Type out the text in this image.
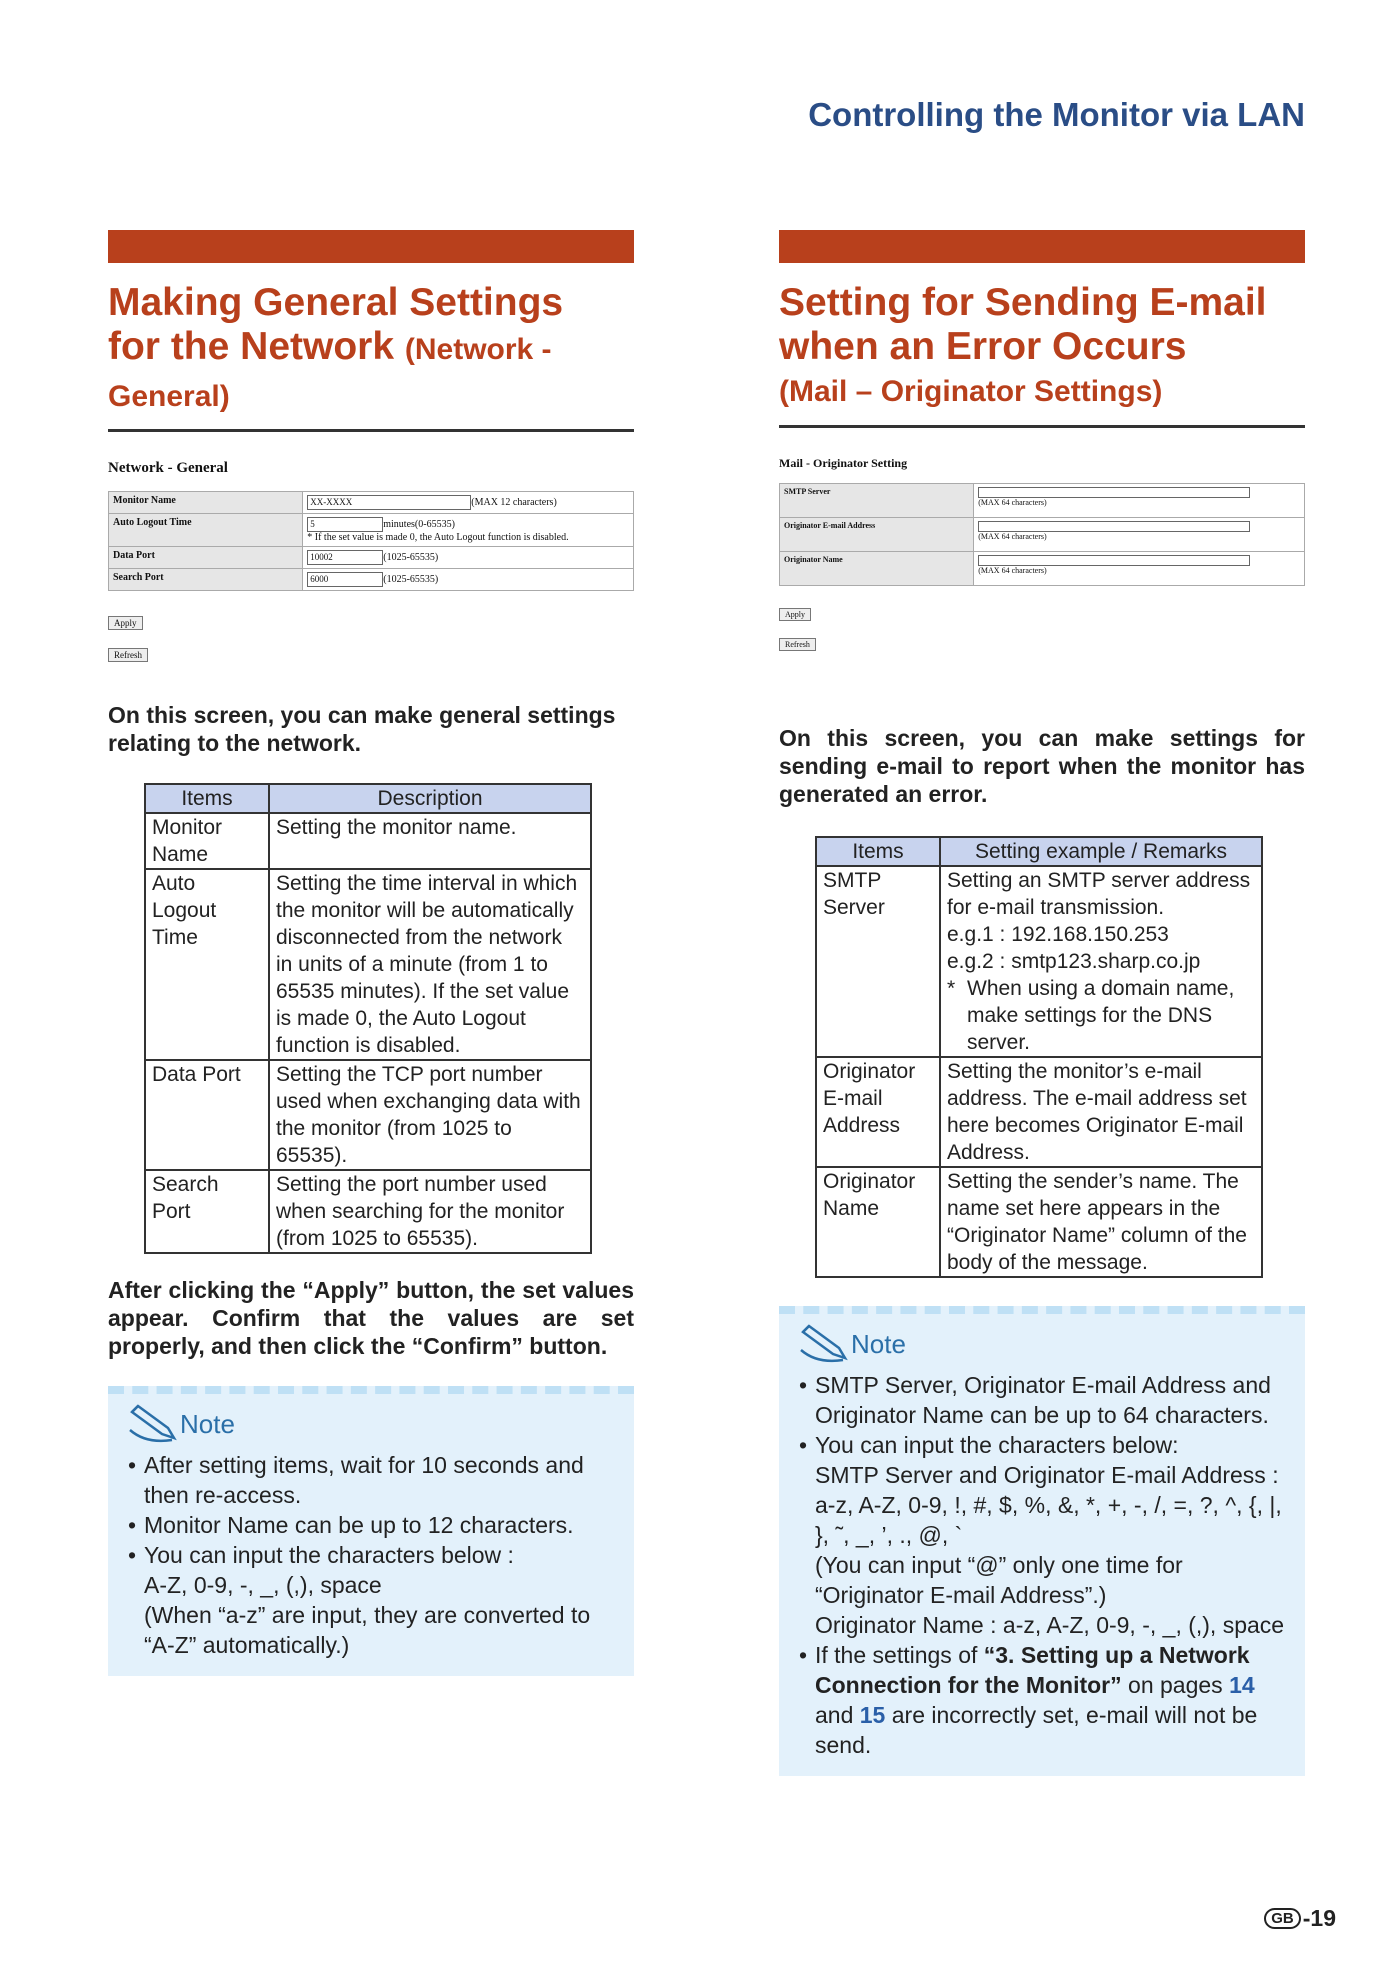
Controlling the Monitor via LAN
Making General Settings
for the Network (Network -
General)
Network - General
Monitor Name	XX-XXXX (MAX 12 characters)
Auto Logout Time	5 minutes(0-65535)
* If the set value is made 0, the Auto Logout function is disabled.
Data Port	10002 (1025-65535)
Search Port	6000 (1025-65535)
Apply
Refresh
On this screen, you can make general settings relating to the network.
Items	Description
Monitor Name	Setting the monitor name.
Auto Logout Time	Setting the time interval in which the monitor will be automatically disconnected from the network in units of a minute (from 1 to 65535 minutes). If the set value is made 0, the Auto Logout function is disabled.
Data Port	Setting the TCP port number used when exchanging data with the monitor (from 1025 to 65535).
Search Port	Setting the port number used when searching for the monitor (from 1025 to 65535).
After clicking the “Apply” button, the set values appear. Confirm that the values are set properly, and then click the “Confirm” button.
Note
• After setting items, wait for 10 seconds and then re-access.
• Monitor Name can be up to 12 characters.
• You can input the characters below :
A-Z, 0-9, -, _, (,), space
(When “a-z” are input, they are converted to “A-Z” automatically.)
Setting for Sending E-mail
when an Error Occurs
(Mail – Originator Settings)
Mail - Originator Setting
SMTP Server	(MAX 64 characters)
Originator E-mail Address	(MAX 64 characters)
Originator Name	(MAX 64 characters)
Apply
Refresh
On this screen, you can make settings for sending e-mail to report when the monitor has generated an error.
Items	Setting example / Remarks
SMTP Server	Setting an SMTP server address for e-mail transmission.
e.g.1 : 192.168.150.253
e.g.2 : smtp123.sharp.co.jp
* When using a domain name, make settings for the DNS server.

Originator E-mail Address	Setting the monitor’s e-mail address. The e-mail address set here becomes Originator E-mail Address.
Originator Name	Setting the sender’s name. The name set here appears in the “Originator Name” column of the body of the message.
Note
• SMTP Server, Originator E-mail Address and Originator Name can be up to 64 characters.
• You can input the characters below:
SMTP Server and Originator E-mail Address :
a-z, A-Z, 0-9, !, #, $, %, &, *, +, -, /, =, ?, ^, {, |, }, ˜, _, ’, ., @, `
(You can input “@” only one time for “Originator E-mail Address”.)
Originator Name : a-z, A-Z, 0-9, -, _, (,), space
• If the settings of “3. Setting up a Network Connection for the Monitor” on pages 14 and 15 are incorrectly set, e-mail will not be send.
GB -19
